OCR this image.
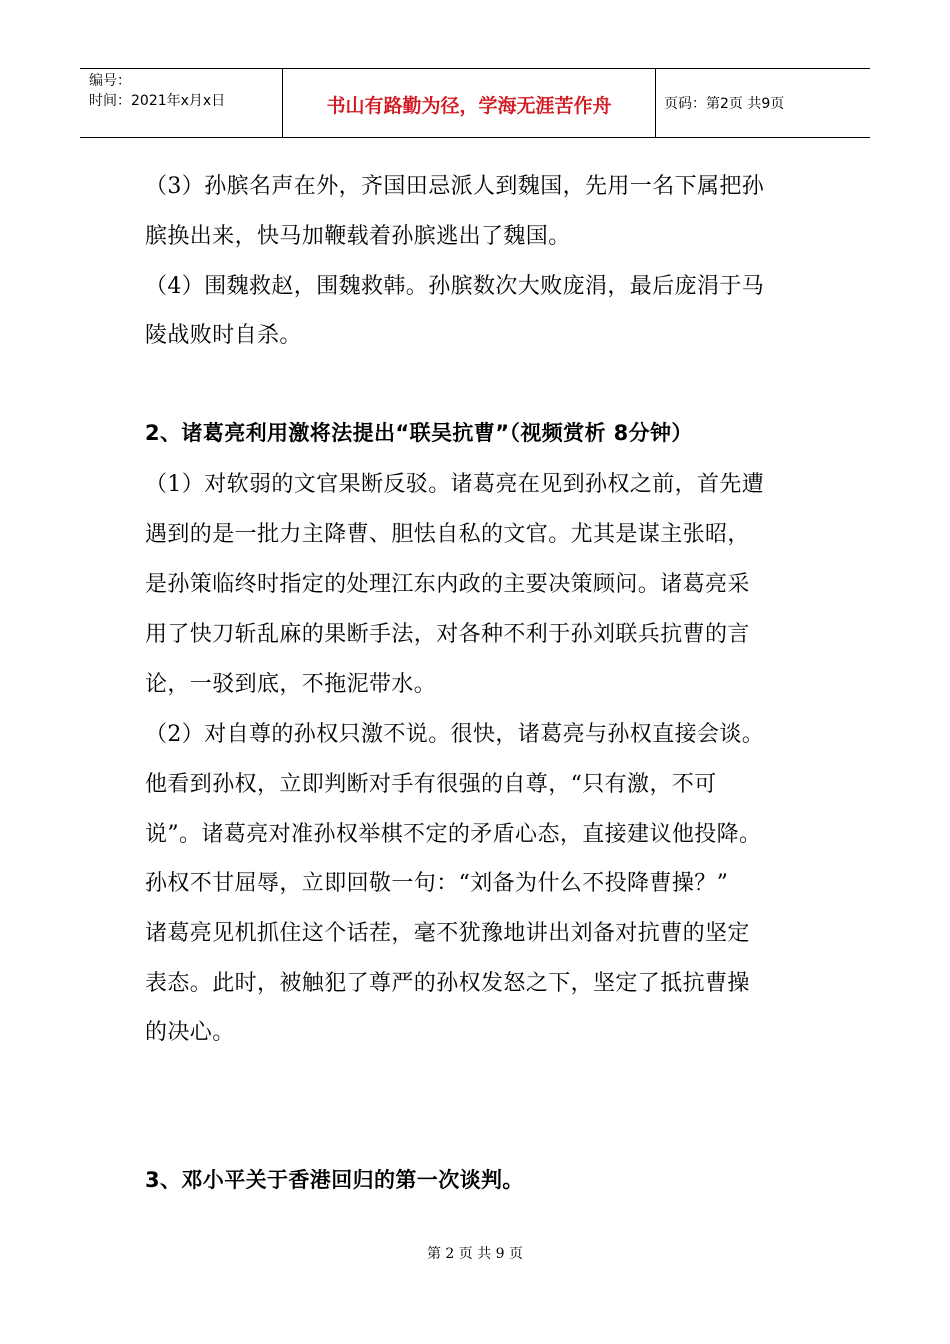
编号：
时间：2021年x月x日	书山有路勤为径，学海无涯苦作舟	页码：第2页 共9页
（3）孙膑名声在外，齐国田忌派人到魏国，先用一名下属把孙
膑换出来，快马加鞭载着孙膑逃出了魏国。
（4）围魏救赵，围魏救韩。孙膑数次大败庞涓，最后庞涓于马
陵战败时自杀。
2、诸葛亮利用激将法提出“联吴抗曹”（视频赏析 8分钟）
（1）对软弱的文官果断反驳。诸葛亮在见到孙权之前，首先遭
遇到的是一批力主降曹、胆怯自私的文官。尤其是谋主张昭，
是孙策临终时指定的处理江东内政的主要决策顾问。诸葛亮采
用了快刀斩乱麻的果断手法，对各种不利于孙刘联兵抗曹的言
论，一驳到底，不拖泥带水。
（2）对自尊的孙权只激不说。很快，诸葛亮与孙权直接会谈。
他看到孙权，立即判断对手有很强的自尊，“只有激，不可
说”。诸葛亮对准孙权举棋不定的矛盾心态，直接建议他投降。
孙权不甘屈辱，立即回敬一句：“刘备为什么不投降曹操？”
诸葛亮见机抓住这个话茬，毫不犹豫地讲出刘备对抗曹的坚定
表态。此时，被触犯了尊严的孙权发怒之下，坚定了抵抗曹操
的决心。
3、邓小平关于香港回归的第一次谈判。
第 2 页 共 9 页
